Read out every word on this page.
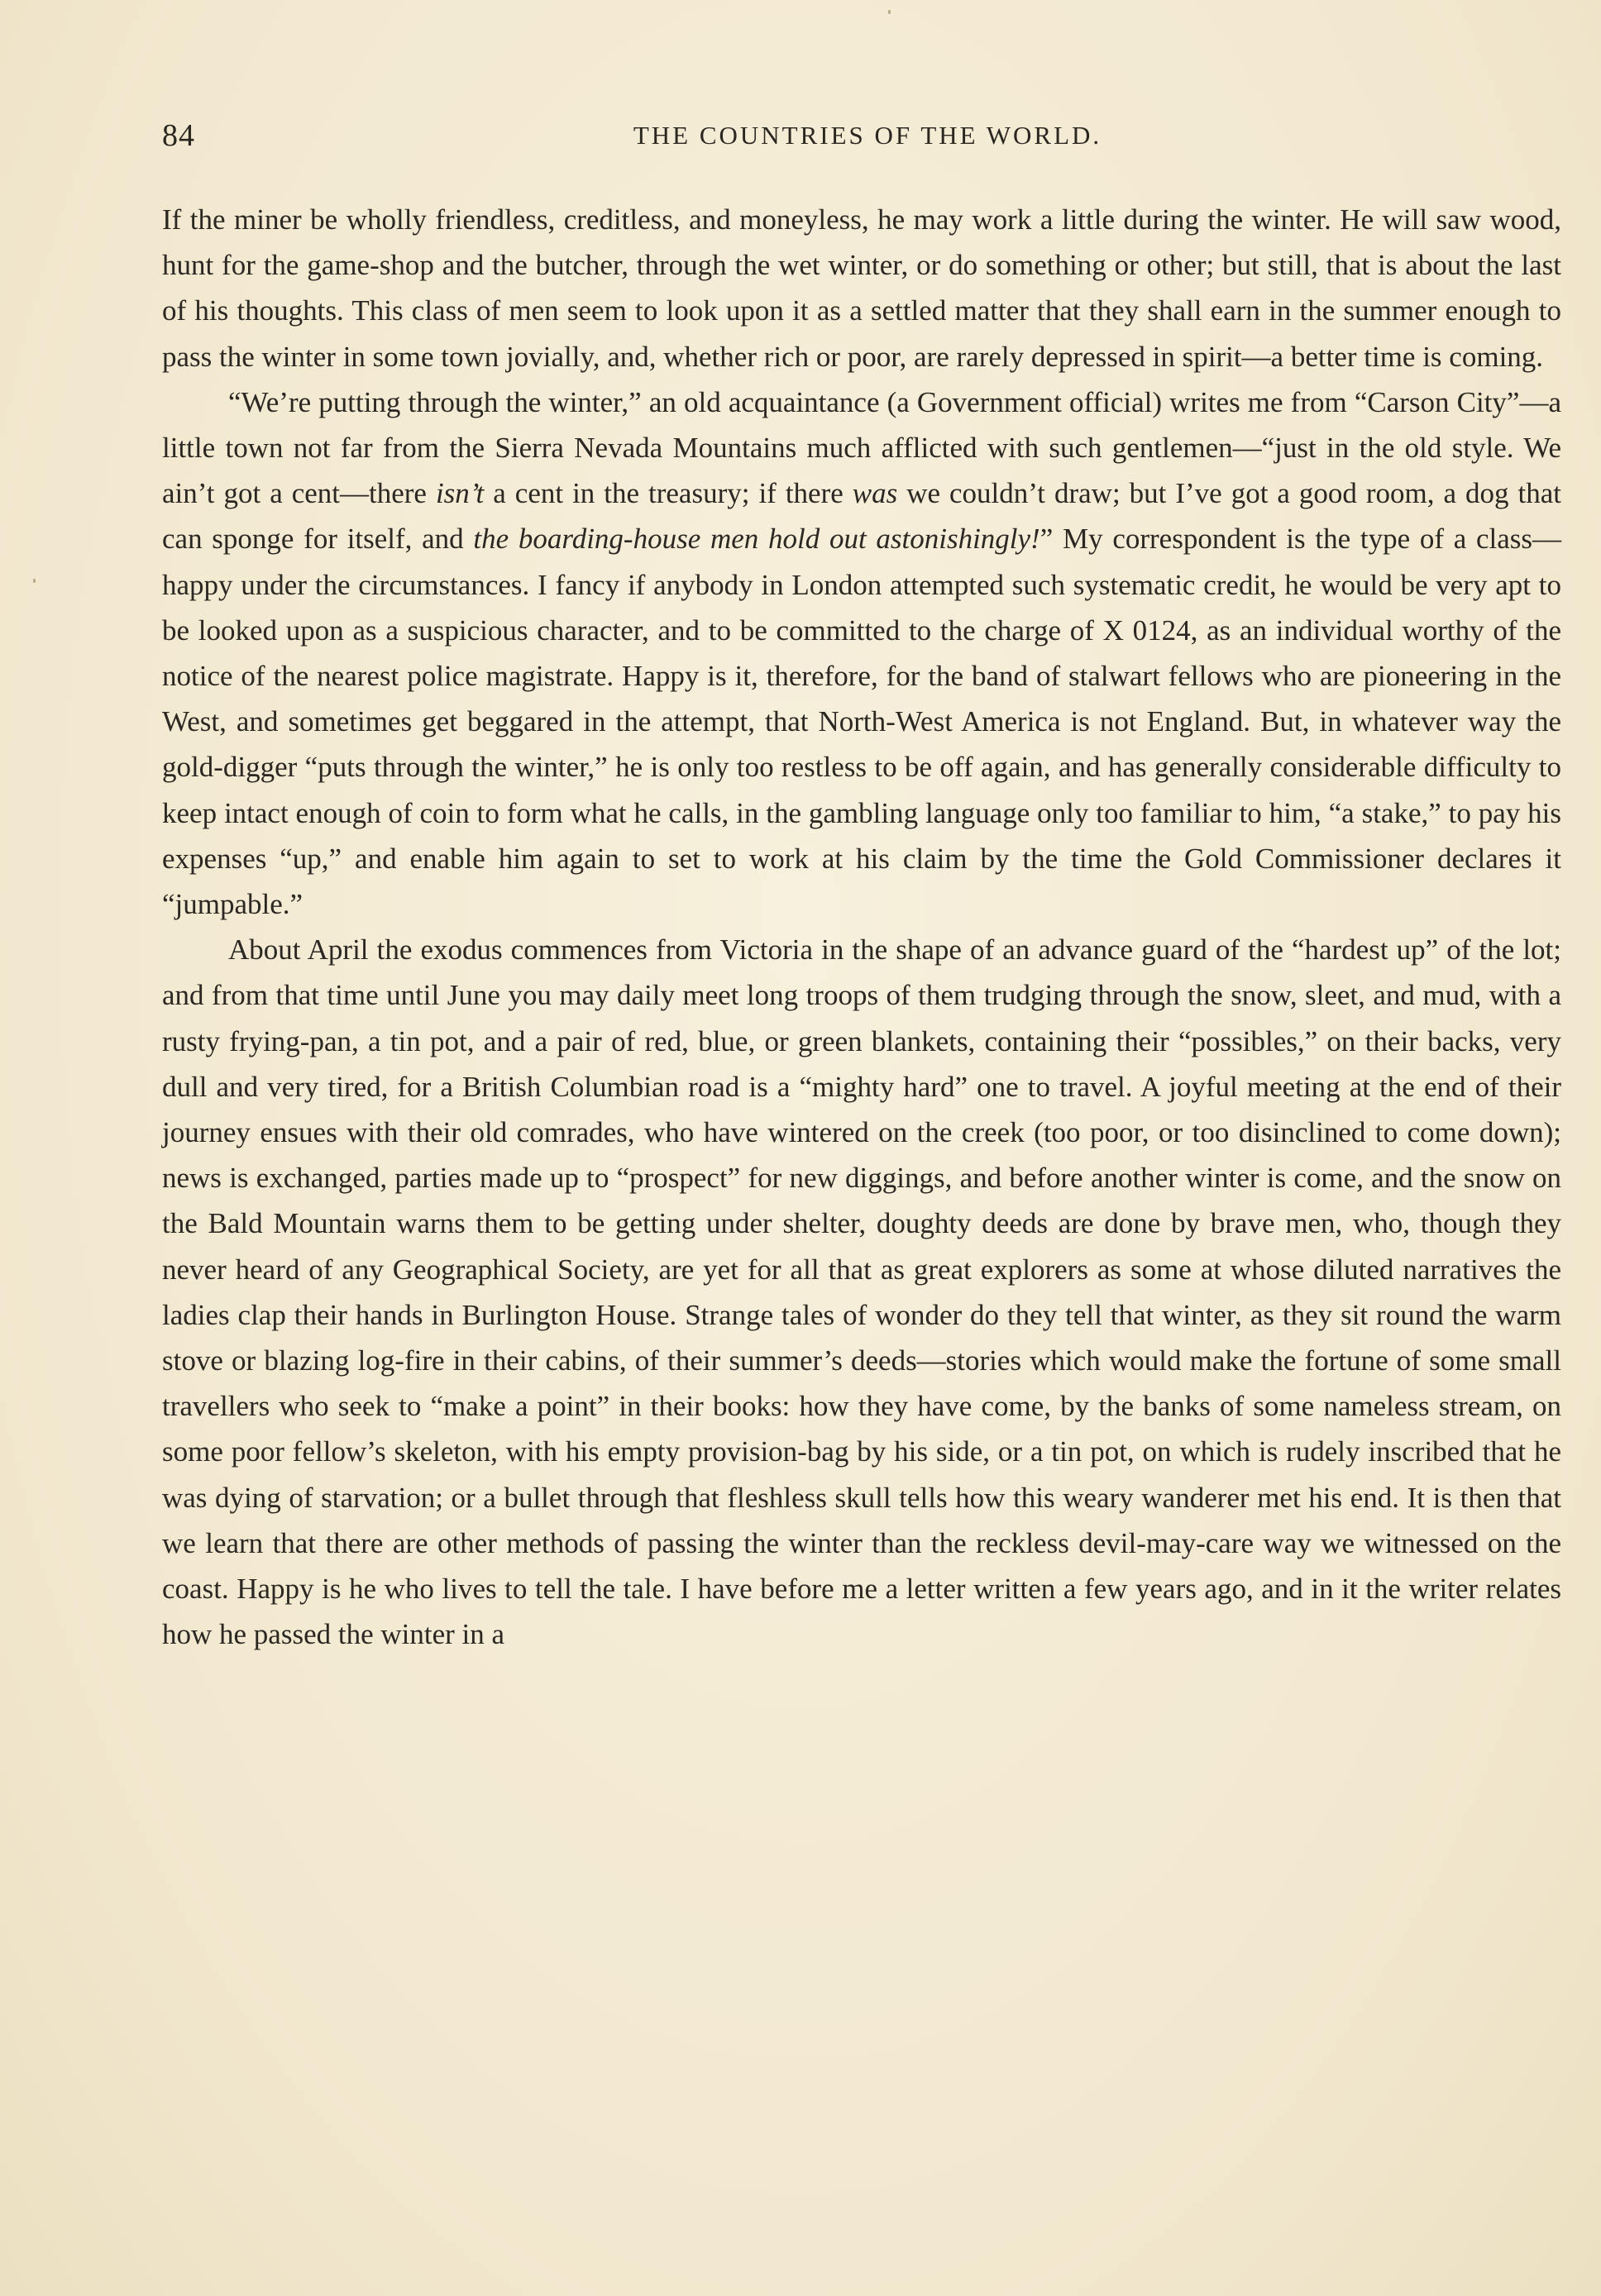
84	THE COUNTRIES OF THE WORLD.

If the miner be wholly friendless, creditless, and moneyless, he may work a little during the winter. He will saw wood, hunt for the game-shop and the butcher, through the wet winter, or do something or other; but still, that is about the last of his thoughts. This class of men seem to look upon it as a settled matter that they shall earn in the summer enough to pass the winter in some town jovially, and, whether rich or poor, are rarely depressed in spirit—a better time is coming.

“We’re putting through the winter,” an old acquaintance (a Government official) writes me from “Carson City”—a little town not far from the Sierra Nevada Mountains much afflicted with such gentlemen—“just in the old style. We ain’t got a cent—there isn’t a cent in the treasury; if there was we couldn’t draw; but I’ve got a good room, a dog that can sponge for itself, and the boarding-house men hold out astonishingly!” My correspondent is the type of a class—happy under the circumstances. I fancy if anybody in London attempted such systematic credit, he would be very apt to be looked upon as a suspicious character, and to be committed to the charge of X 0124, as an individual worthy of the notice of the nearest police magistrate. Happy is it, therefore, for the band of stalwart fellows who are pioneering in the West, and sometimes get beggared in the attempt, that North-West America is not England. But, in whatever way the gold-digger “puts through the winter,” he is only too restless to be off again, and has generally considerable difficulty to keep intact enough of coin to form what he calls, in the gambling language only too familiar to him, “a stake,” to pay his expenses “up,” and enable him again to set to work at his claim by the time the Gold Commissioner declares it “jumpable.”

About April the exodus commences from Victoria in the shape of an advance guard of the “hardest up” of the lot; and from that time until June you may daily meet long troops of them trudging through the snow, sleet, and mud, with a rusty frying-pan, a tin pot, and a pair of red, blue, or green blankets, containing their “possibles,” on their backs, very dull and very tired, for a British Columbian road is a “mighty hard” one to travel. A joyful meeting at the end of their journey ensues with their old comrades, who have wintered on the creek (too poor, or too disinclined to come down); news is exchanged, parties made up to “prospect” for new diggings, and before another winter is come, and the snow on the Bald Mountain warns them to be getting under shelter, doughty deeds are done by brave men, who, though they never heard of any Geographical Society, are yet for all that as great explorers as some at whose diluted narratives the ladies clap their hands in Burlington House. Strange tales of wonder do they tell that winter, as they sit round the warm stove or blazing log-fire in their cabins, of their summer’s deeds—stories which would make the fortune of some small travellers who seek to “make a point” in their books: how they have come, by the banks of some nameless stream, on some poor fellow’s skeleton, with his empty provision-bag by his side, or a tin pot, on which is rudely inscribed that he was dying of starvation; or a bullet through that fleshless skull tells how this weary wanderer met his end. It is then that we learn that there are other methods of passing the winter than the reckless devil-may-care way we witnessed on the coast. Happy is he who lives to tell the tale. I have before me a letter written a few years ago, and in it the writer relates how he passed the winter in a
